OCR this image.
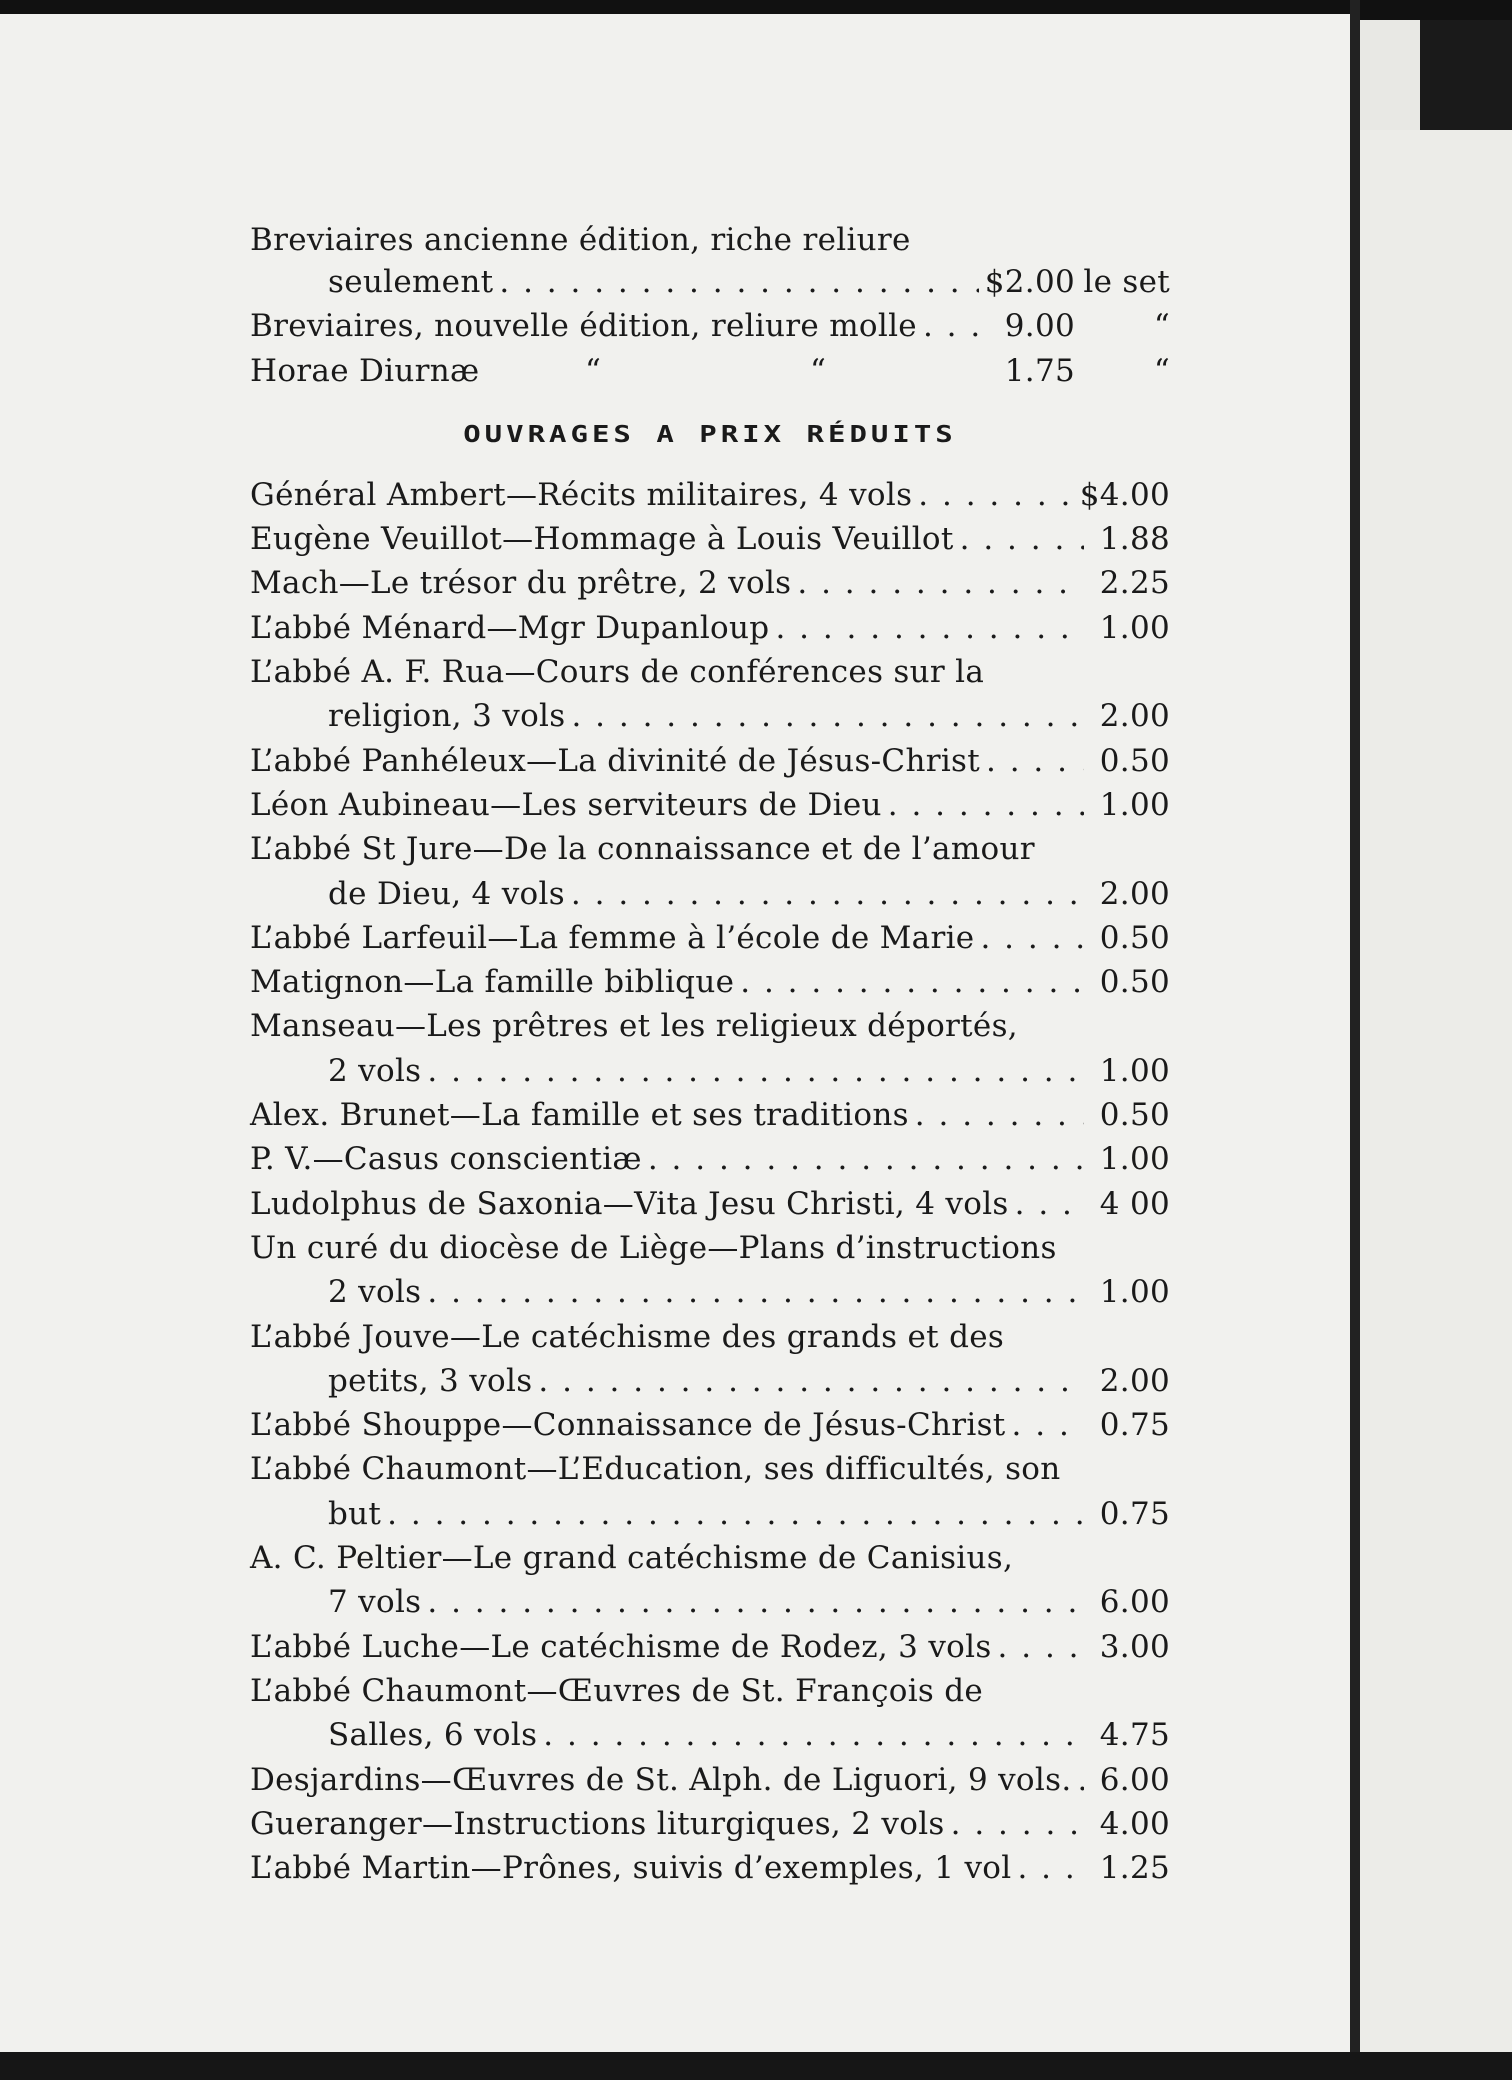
Breviaires ancienne édition, riche reliure
seulement . . .	$2.00 le set
Breviaires, nouvelle édition, reliure molle . . .	9.00	“
Horae Diurnæ	“	“	1.75	“
OUVRAGES A PRIX RÉDUITS
Général Ambert—Récits militaires, 4 vols . . .	$4.00
Eugène Veuillot—Hommage à Louis Veuillot . . .	1.88
Mach—Le trésor du prêtre, 2 vols . . .	2.25
L’abbé Ménard—Mgr Dupanloup . . .	1.00
L’abbé A. F. Rua—Cours de conférences sur la
religion, 3 vols . . .	2.00
L’abbé Panhéleux—La divinité de Jésus-Christ . . .	0.50
Léon Aubineau—Les serviteurs de Dieu . . .	1.00
L’abbé St Jure—De la connaissance et de l’amour
de Dieu, 4 vols . . .	2.00
L’abbé Larfeuil—La femme à l’école de Marie . . .	0.50
Matignon—La famille biblique . . .	0.50
Manseau—Les prêtres et les religieux déportés,
2 vols . . .	1.00
Alex. Brunet—La famille et ses traditions . . .	0.50
P. V.—Casus conscientiæ . . .	1.00
Ludolphus de Saxonia—Vita Jesu Christi, 4 vols . . .	4 00
Un curé du diocèse de Liège—Plans d’instructions
2 vols . . .	1.00
L’abbé Jouve—Le catéchisme des grands et des
petits, 3 vols . . .	2.00
L’abbé Shouppe—Connaissance de Jésus-Christ . . .	0.75
L’abbé Chaumont—L’Education, ses difficultés, son
but . . .	0.75
A. C. Peltier—Le grand catéchisme de Canisius,
7 vols . . .	6.00
L’abbé Luche—Le catéchisme de Rodez, 3 vols . . .	3.00
L’abbé Chaumont—Œuvres de St. François de
Salles, 6 vols . . .	4.75
Desjardins—Œuvres de St. Alph. de Liguori, 9 vols. . . . 6.00
Gueranger—Instructions liturgiques, 2 vols . . .	4.00
L’abbé Martin—Prônes, suivis d’exemples, 1 vol . . .	1.25
